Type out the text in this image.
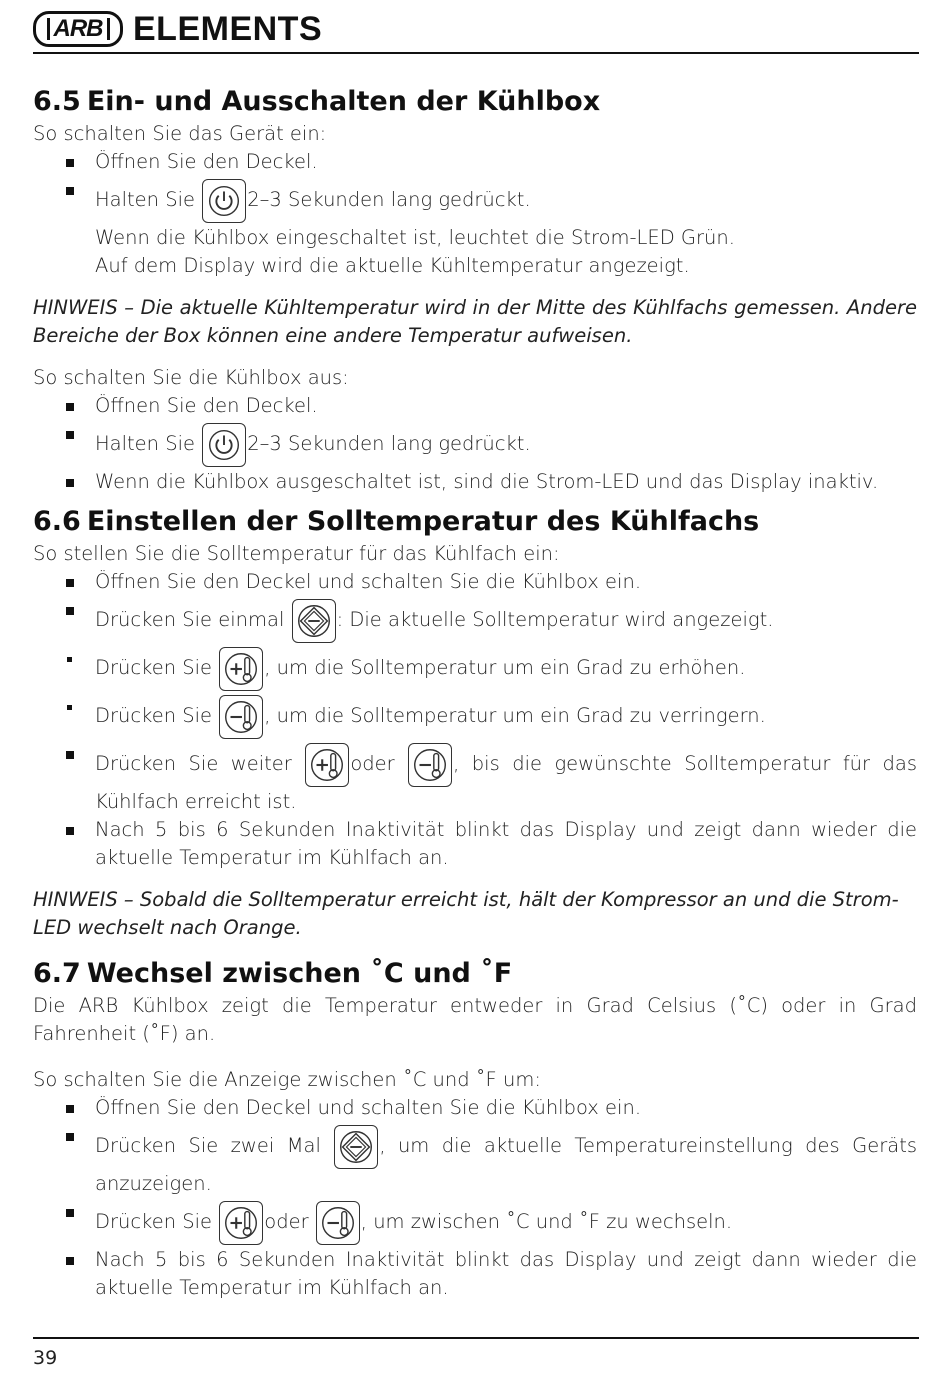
ARB ELEMENTS
6.5 Ein- und Ausschalten der Kühlbox

So schalten Sie das Gerät ein:

Öffnen Sie den Deckel.
Halten Sie	2–3 Sekunden lang gedrückt.

Wenn die Kühlbox eingeschaltet ist, leuchtet die Strom-LED Grün.

Auf dem Display wird die aktuelle Kühltemperatur angezeigt.

HINWEIS – Die aktuelle Kühltemperatur wird in der Mitte des Kühlfachs gemessen. Andere Bereiche der Box können eine andere Temperatur aufweisen.

So schalten Sie die Kühlbox aus:

Öffnen Sie den Deckel.
Halten Sie	2–3 Sekunden lang gedrückt.
Wenn die Kühlbox ausgeschaltet ist, sind die Strom-LED und das Display inaktiv.
6.6 Einstellen der Solltemperatur des Kühlfachs

So stellen Sie die Solltemperatur für das Kühlfach ein:

Öffnen Sie den Deckel und schalten Sie die Kühlbox ein.
Drücken Sie einmal	: Die aktuelle Solltemperatur wird angezeigt.
Drücken Sie	, um die Solltemperatur um ein Grad zu erhöhen.
Drücken Sie	, um die Solltemperatur um ein Grad zu verringern.
Drücken Sie weiter	oder	, bis die gewünschte Solltemperatur für das

Kühlfach erreicht ist.

Nach 5 bis 6 Sekunden Inaktivität blinkt das Display und zeigt dann wieder die aktuelle Temperatur im Kühlfach an.

HINWEIS – Sobald die Solltemperatur erreicht ist, hält der Kompressor an und die Strom-LED wechselt nach Orange.

6.7 Wechsel zwischen ˚C und ˚F

Die ARB Kühlbox zeigt die Temperatur entweder in Grad Celsius (˚C) oder in Grad Fahrenheit (˚F) an.

So schalten Sie die Anzeige zwischen ˚C und ˚F um:

Öffnen Sie den Deckel und schalten Sie die Kühlbox ein.
Drücken Sie zwei Mal	, um die aktuelle Temperatureinstellung des Geräts

anzuzeigen.

Drücken Sie	oder	, um zwischen ˚C und ˚F zu wechseln.
Nach 5 bis 6 Sekunden Inaktivität blinkt das Display und zeigt dann wieder die aktuelle Temperatur im Kühlfach an.
39
